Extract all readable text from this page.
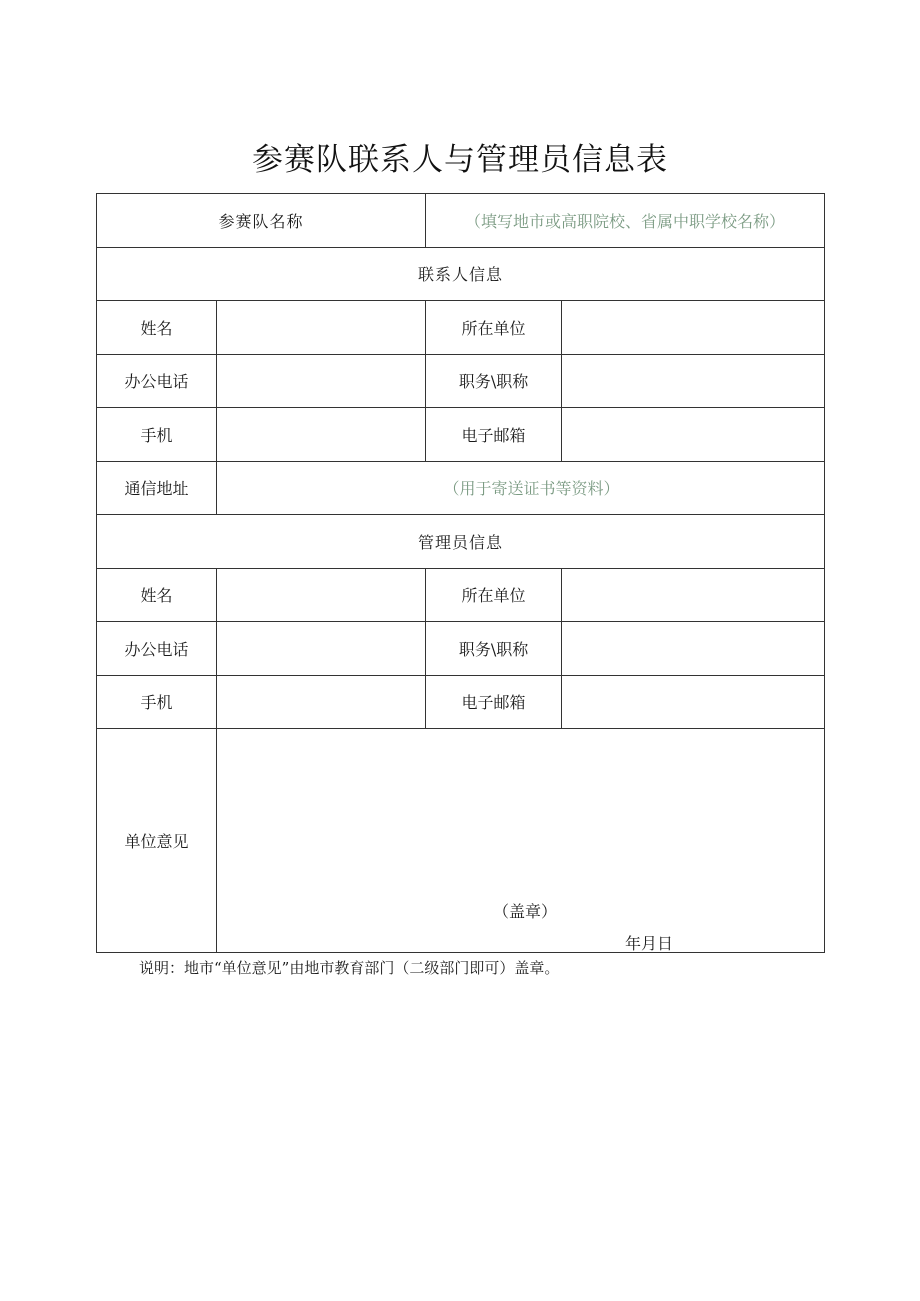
参赛队联系人与管理员信息表
参赛队名称		（填写地市或高职院校、省属中职学校名称）	
联系人信息			
姓名		所在单位	
办公电话		职务\职称	
手机		电子邮箱	
通信地址	（用于寄送证书等资料）		
管理员信息			
姓名		所在单位	
办公电话		职务\职称	
手机		电子邮箱	
单位意见	（盖章）
年月日		
说明：地市“单位意见”由地市教育部门（二级部门即可）盖章。
